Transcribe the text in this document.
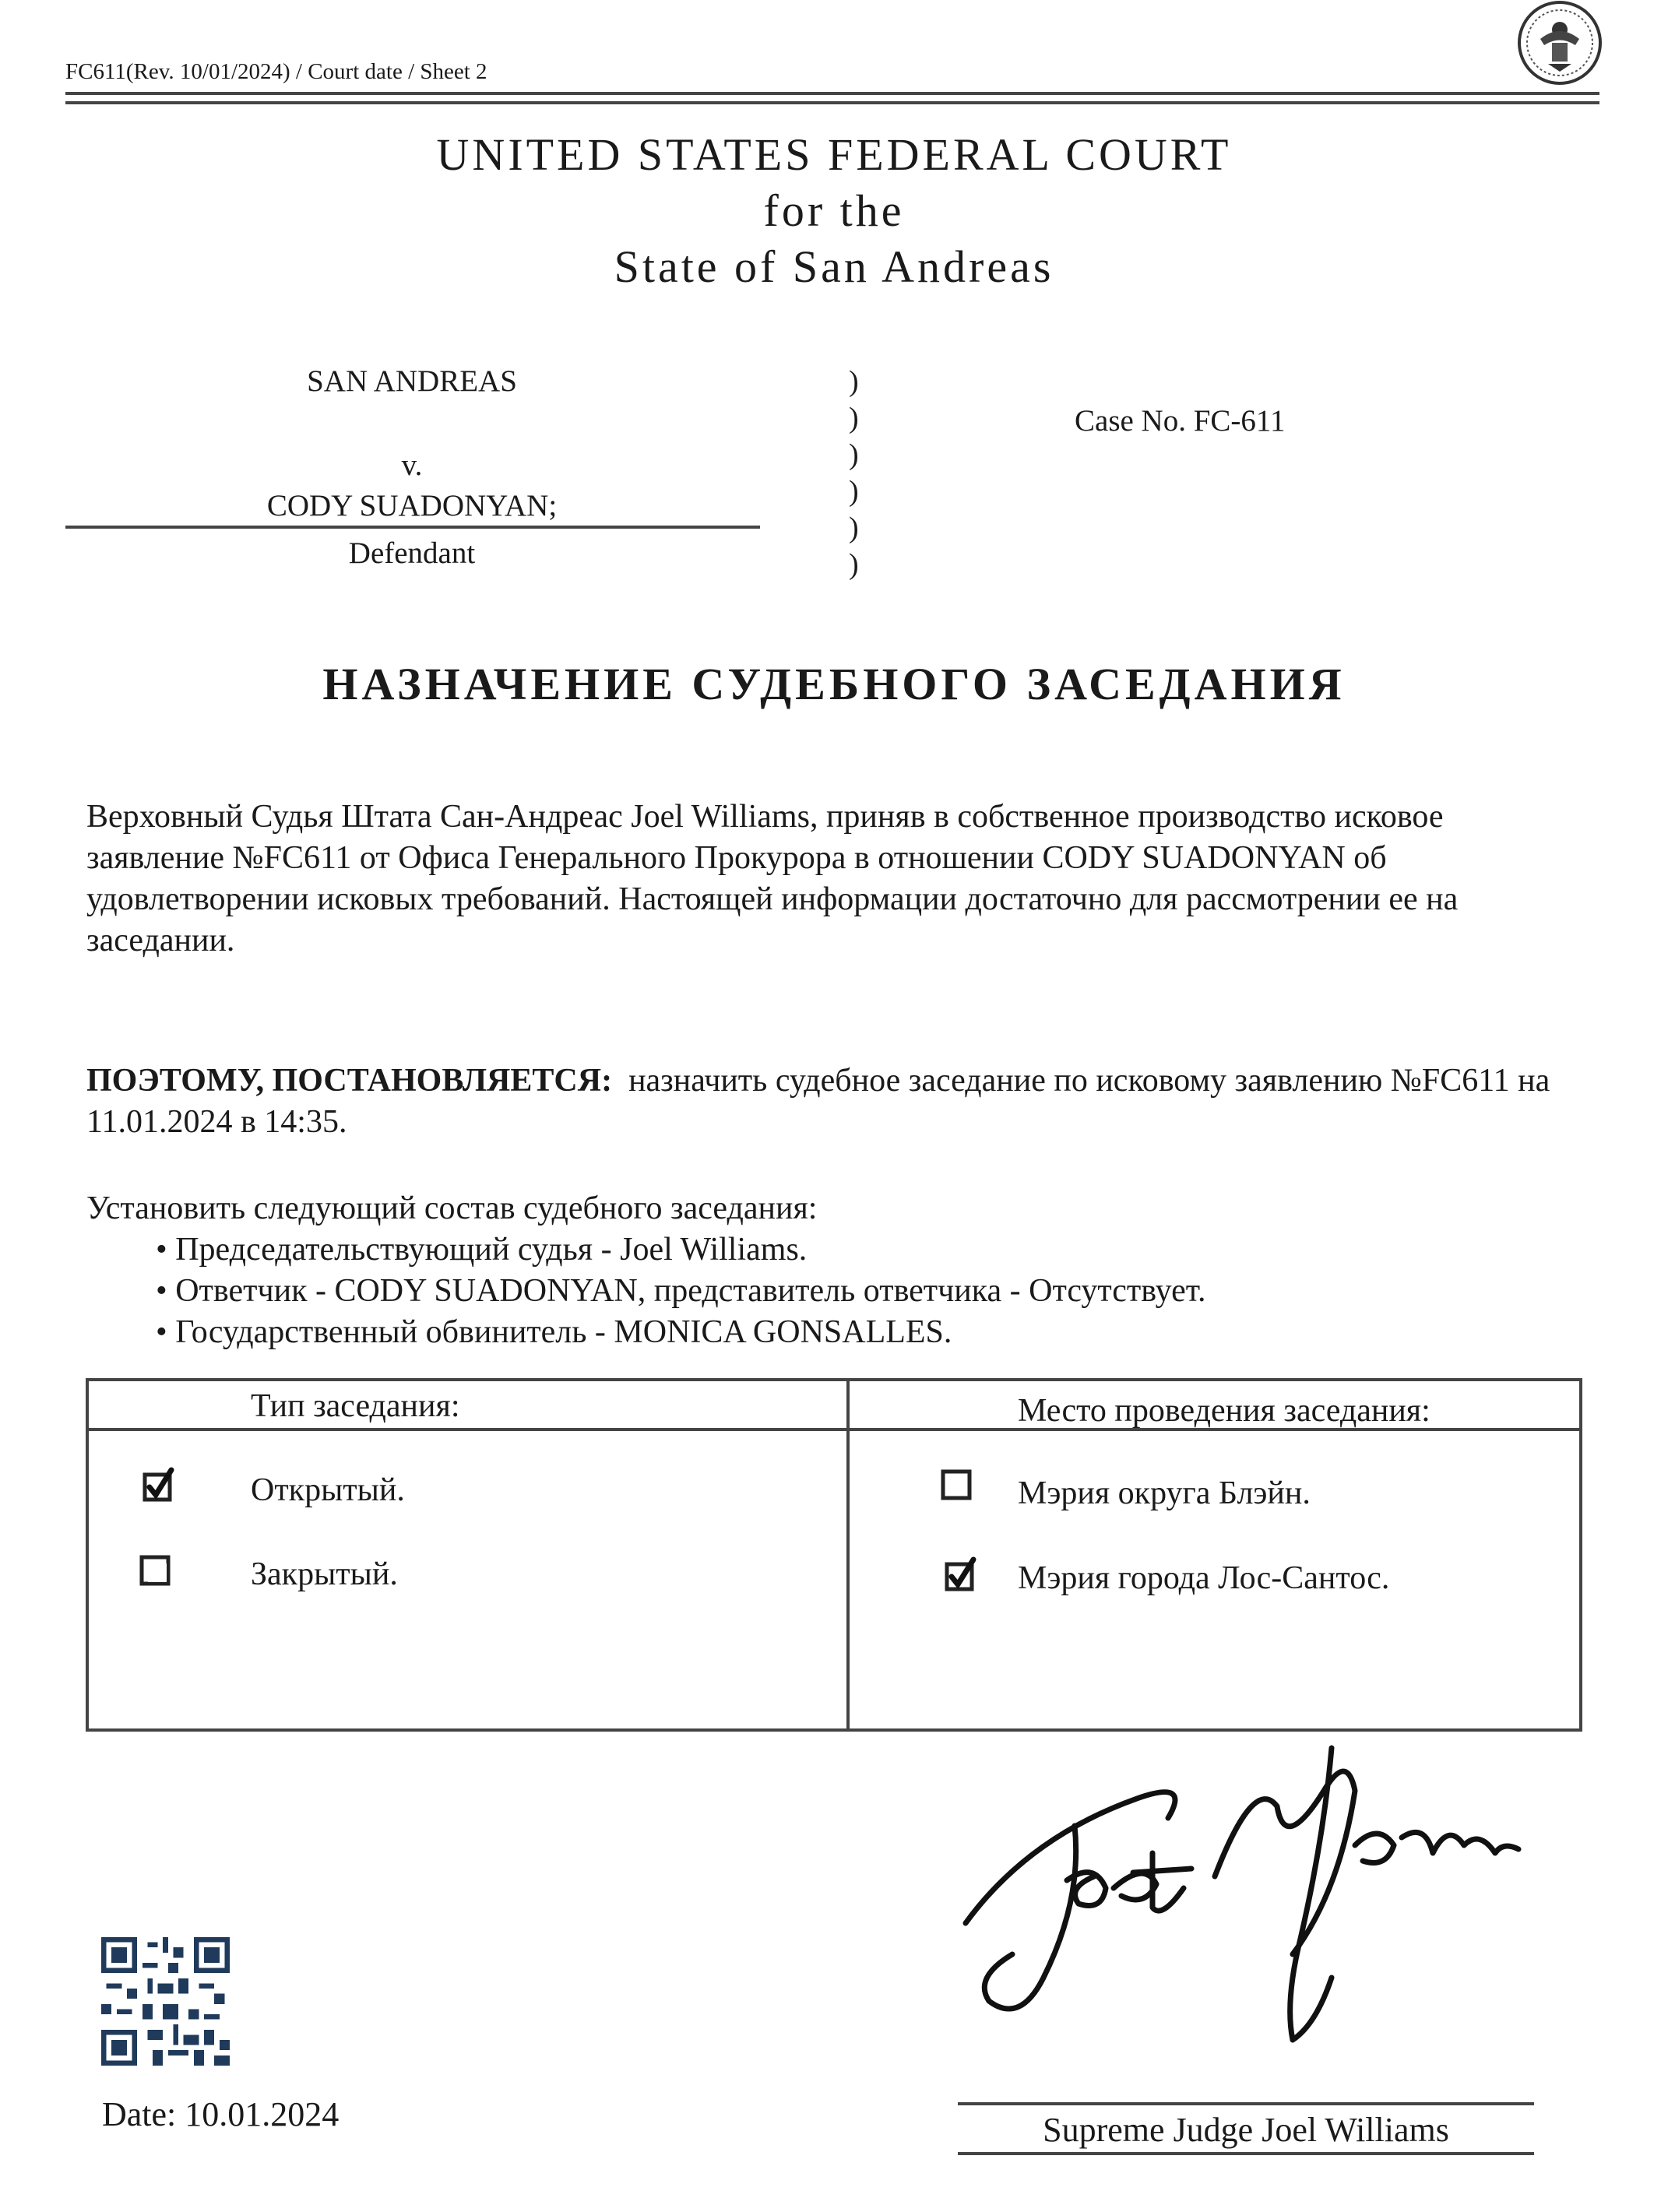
FC611(Rev. 10/01/2024) / Court date / Sheet 2
UNITED STATES FEDERAL COURT
for the
State of San Andreas
SAN ANDREAS
v.
CODY SUADONYAN;
Defendant
)
)
)
)
)
)
Case No. FC-611
НАЗНАЧЕНИЕ СУДЕБНОГО ЗАСЕДАНИЯ
Верховный Судья Штата Сан-Андреас Joel Williams, приняв в собственное производство исковое заявление №FC611 от Офиса Генерального Прокурора в отношении CODY SUADONYAN об удовлетворении исковых требований. Настоящей информации достаточно для рассмотрении ее на заседании.
ПОЭТОМУ, ПОСТАНОВЛЯЕТСЯ: назначить судебное заседание по исковому заявлению №FC611 на 11.01.2024 в 14:35.
Установить следующий состав судебного заседания:
• Председательствующий судья - Joel Williams.
• Ответчик - CODY SUADONYAN, представитель ответчика - Отсутствует.
• Государственный обвинитель - MONICA GONSALLES.
Тип заседания:	Место проведения заседания:
Открытый.
Закрытый.
Мэрия округа Блэйн.
Мэрия города Лос-Сантос.
Date: 10.01.2024	Supreme Judge Joel Williams
